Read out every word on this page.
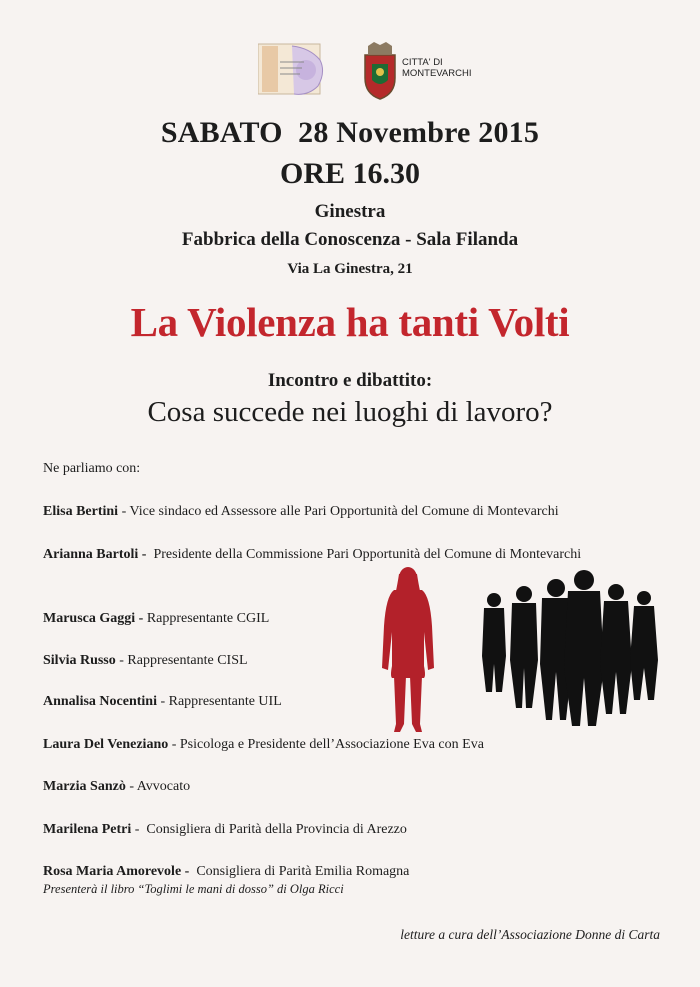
CITTA' DI
MONTEVARCHI
SABATO  28 Novembre 2015
ORE 16.30
Ginestra
Fabbrica della Conoscenza - Sala Filanda
Via La Ginestra, 21
La Violenza ha tanti Volti
Incontro e dibattito:
Cosa succede nei luoghi di lavoro?
Ne parliamo con:
Elisa Bertini - Vice sindaco ed Assessore alle Pari Opportunità del Comune di Montevarchi
Arianna Bartoli -  Presidente della Commissione Pari Opportunità del Comune di Montevarchi
Marusca Gaggi - Rappresentante CGIL
Silvia Russo - Rappresentante CISL
Annalisa Nocentini - Rappresentante UIL
Laura Del Veneziano - Psicologa e Presidente dell’Associazione Eva con Eva
Marzia Sanzò - Avvocato
Marilena Petri -  Consigliera di Parità della Provincia di Arezzo
Rosa Maria Amorevole -  Consigliera di Parità Emilia Romagna
Presenterà il libro “Toglimi le mani di dosso” di Olga Ricci
letture a cura dell’Associazione Donne di Carta
